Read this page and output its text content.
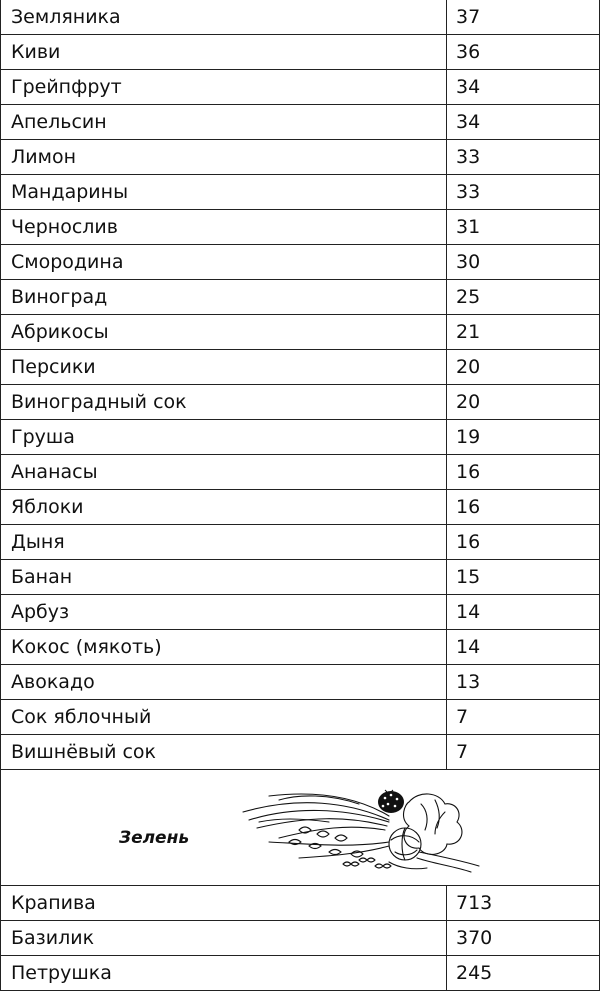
Земляника	37
Киви	36
Грейпфрут	34
Апельсин	34
Лимон	33
Мандарины	33
Чернослив	31
Смородина	30
Виноград	25
Абрикосы	21
Персики	20
Виноградный сок	20
Груша	19
Ананасы	16
Яблоки	16
Дыня	16
Банан	15
Арбуз	14
Кокос (мякоть)	14
Авокадо	13
Сок яблочный	7
Вишнёвый сок	7
Зелень
Крапива	713
Базилик	370
Петрушка	245
